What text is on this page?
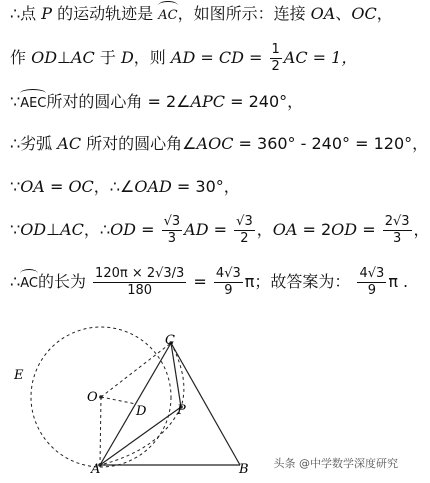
∴点 P 的运动轨迹是 AC，如图所示：连接 OA、OC，
作 OD⊥AC 于 D，则 AD = CD = $\frac{1}{2}$ AC = 1，
∵AEC所对的圆心角 = 2∠APC = 240°，
∴劣弧 AC 所对的圆心角∠AOC = 360° - 240° = 120°，
∵OA = OC，∴∠OAD = 30°，
∵OD⊥AC，∴OD = $\frac{√3}{3}$ AD = $\frac{√3}{2}$ ，OA = $2OD = \frac{2√3}{3}$ ，
∴AC的长为 $\frac{120\pi \times 2√3/3}{180} = \frac{4√3}{9}$ π；故答案为： $\frac{4√3}{9}$ π .
E
C
O
D P
A	B 头条 @中学数学深度研究
